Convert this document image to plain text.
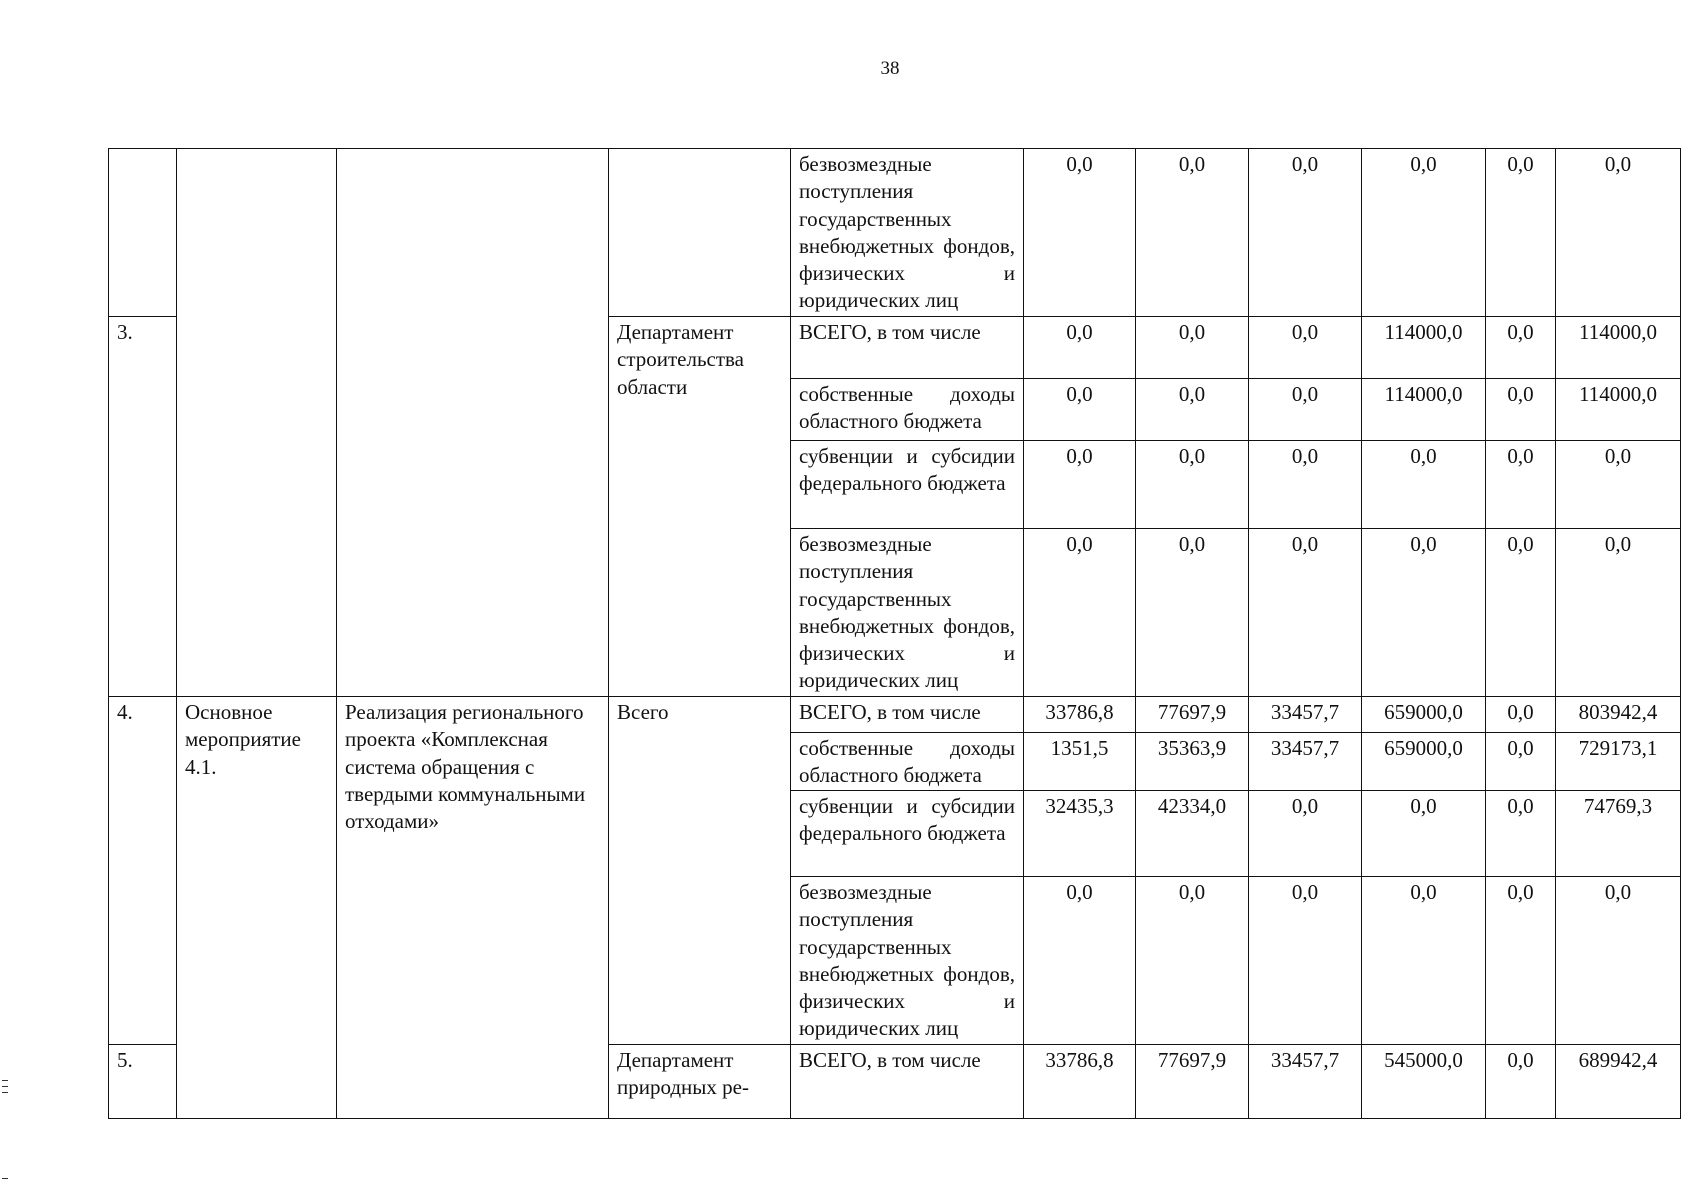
38
				безвозмездные поступления государственных внебюджетных фондов, физических и юридических лиц	0,0	0,0	0,0	0,0	0,0	0,0
3.			Департамент строительства области	ВСЕГО, в том числе	0,0	0,0	0,0	114000,0	0,0	114000,0
				собственные доходы областного бюджета	0,0	0,0	0,0	114000,0	0,0	114000,0
				субвенции и субсидии федерального бюджета	0,0	0,0	0,0	0,0	0,0	0,0
				безвозмездные поступления государственных внебюджетных фондов, физических и юридических лиц	0,0	0,0	0,0	0,0	0,0	0,0
4.	Основное мероприятие 4.1.	Реализация регионального проекта «Комплексная система обращения с твердыми коммунальными отходами»	Всего	ВСЕГО, в том числе	33786,8	77697,9	33457,7	659000,0	0,0	803942,4
				собственные доходы областного бюджета	1351,5	35363,9	33457,7	659000,0	0,0	729173,1
				субвенции и субсидии федерального бюджета	32435,3	42334,0	0,0	0,0	0,0	74769,3
				безвозмездные поступления государственных внебюджетных фондов, физических и юридических лиц	0,0	0,0	0,0	0,0	0,0	0,0
5.			Департамент природных ре-	ВСЕГО, в том числе	33786,8	77697,9	33457,7	545000,0	0,0	689942,4
